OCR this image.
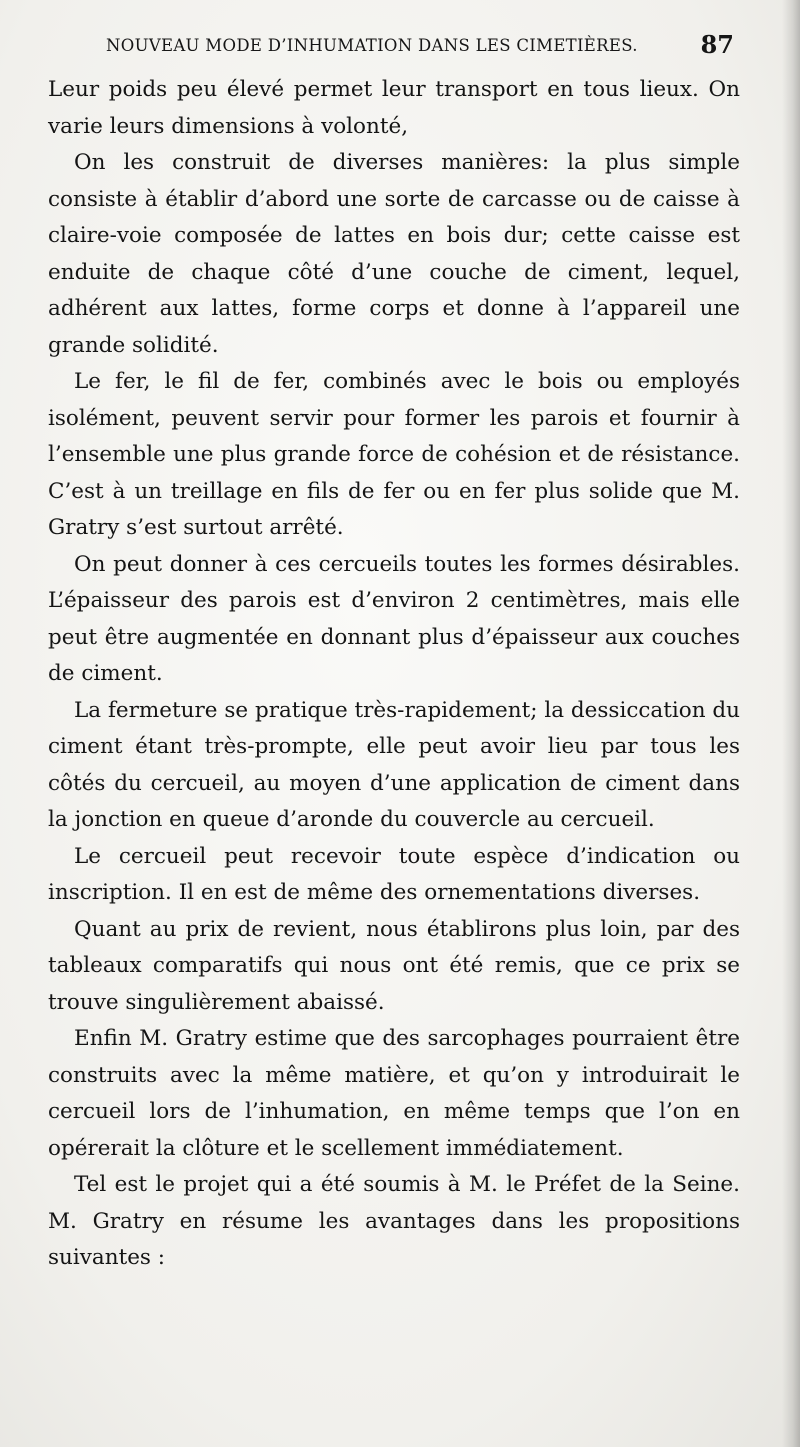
NOUVEAU MODE D’INHUMATION DANS LES CIMETIÈRES.	87

Leur poids peu élevé permet leur transport en tous lieux. On varie leurs dimensions à volonté,

On les construit de diverses manières: la plus simple consiste à établir d’abord une sorte de carcasse ou de caisse à claire-voie composée de lattes en bois dur; cette caisse est enduite de chaque côté d’une couche de ciment, lequel, adhérent aux lattes, forme corps et donne à l’appareil une grande solidité.

Le fer, le fil de fer, combinés avec le bois ou employés isolément, peuvent servir pour former les parois et fournir à l’ensemble une plus grande force de cohésion et de résistance. C’est à un treillage en fils de fer ou en fer plus solide que M. Gratry s’est surtout arrêté.

On peut donner à ces cercueils toutes les formes désirables. L’épaisseur des parois est d’environ 2 centimètres, mais elle peut être augmentée en donnant plus d’épaisseur aux couches de ciment.

La fermeture se pratique très-rapidement; la dessiccation du ciment étant très-prompte, elle peut avoir lieu par tous les côtés du cercueil, au moyen d’une application de ciment dans la jonction en queue d’aronde du couvercle au cercueil.

Le cercueil peut recevoir toute espèce d’indication ou inscription. Il en est de même des ornementations diverses.

Quant au prix de revient, nous établirons plus loin, par des tableaux comparatifs qui nous ont été remis, que ce prix se trouve singulièrement abaissé.

Enfin M. Gratry estime que des sarcophages pourraient être construits avec la même matière, et qu’on y introduirait le cercueil lors de l’inhumation, en même temps que l’on en opérerait la clôture et le scellement immédiatement.

Tel est le projet qui a été soumis à M. le Préfet de la Seine. M. Gratry en résume les avantages dans les propositions suivantes :
